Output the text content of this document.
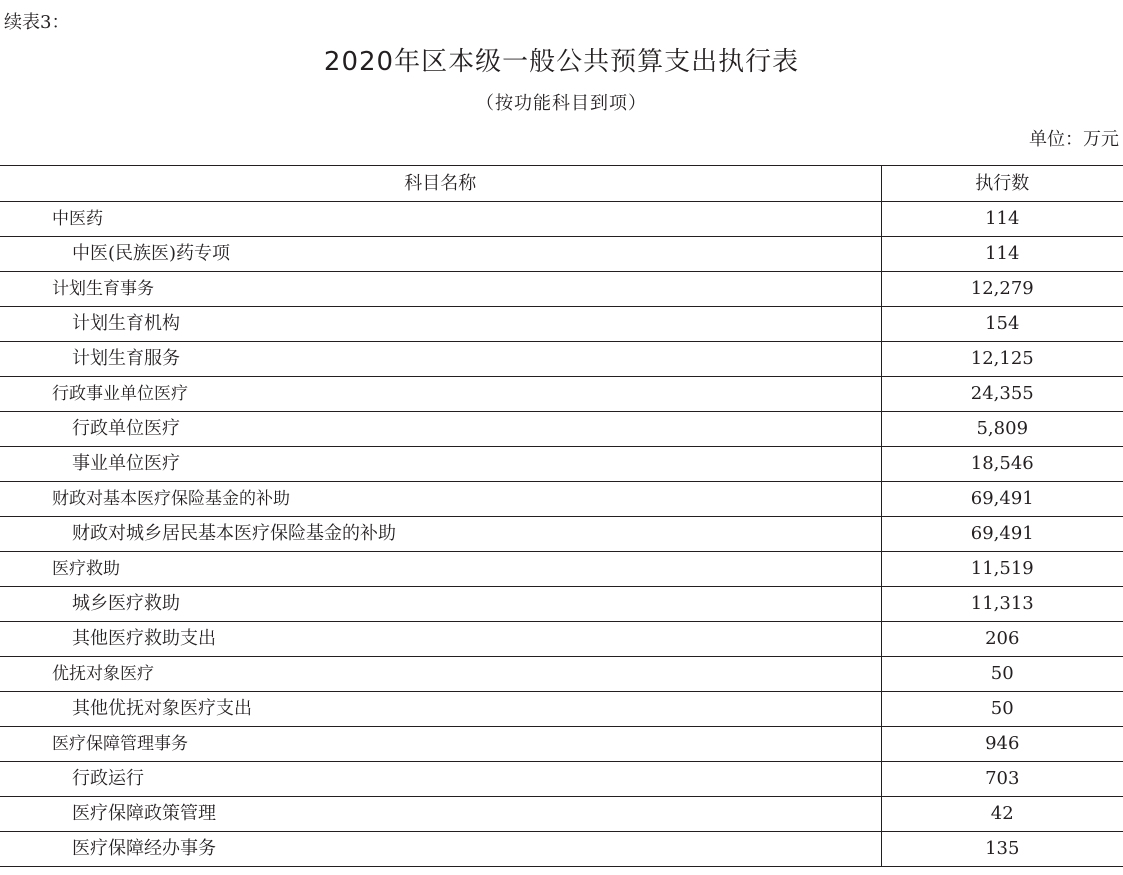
续表3：
2020年区本级一般公共预算支出执行表
（按功能科目到项）
单位：万元
科目名称	执行数
中医药	114
中医(民族医)药专项	114
计划生育事务	12,279
计划生育机构	154
计划生育服务	12,125
行政事业单位医疗	24,355
行政单位医疗	5,809
事业单位医疗	18,546
财政对基本医疗保险基金的补助	69,491
财政对城乡居民基本医疗保险基金的补助	69,491
医疗救助	11,519
城乡医疗救助	11,313
其他医疗救助支出	206
优抚对象医疗	50
其他优抚对象医疗支出	50
医疗保障管理事务	946
行政运行	703
医疗保障政策管理	42
医疗保障经办事务	135
